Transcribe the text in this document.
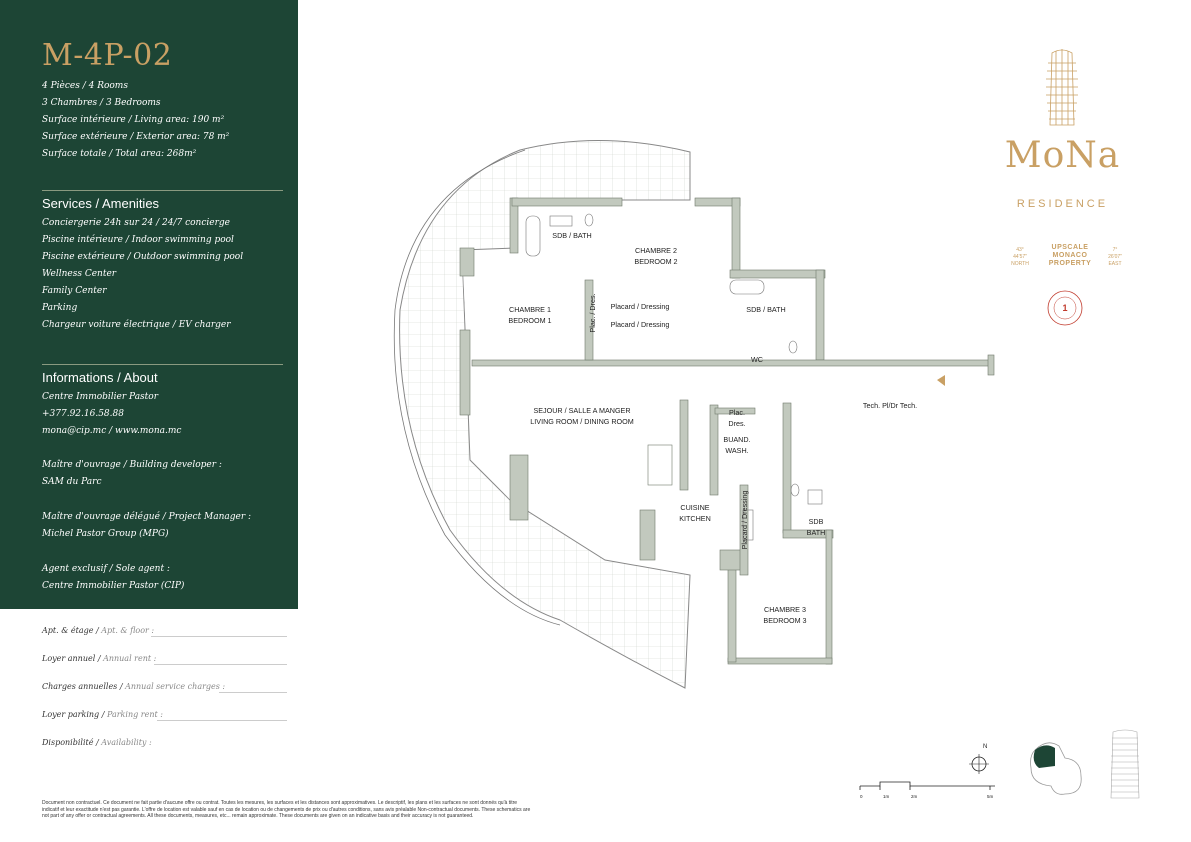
M-4P-02
4 Pièces / 4 Rooms
3 Chambres / 3 Bedrooms
Surface intérieure / Living area: 190 m²
Surface extérieure / Exterior area: 78 m²
Surface totale / Total area: 268m²
Services / Amenities
Conciergerie 24h sur 24 / 24/7 concierge
Piscine intérieure / Indoor swimming pool
Piscine extérieure / Outdoor swimming pool
Wellness Center
Family Center
Parking
Chargeur voiture électrique / EV charger
Informations / About
Centre Immobilier Pastor
+377.92.16.58.88
mona@cip.mc / www.mona.mc
Maître d'ouvrage / Building developer :
SAM du Parc
Maître d'ouvrage délégué / Project Manager :
Michel Pastor Group (MPG)
Agent exclusif / Sole agent :
Centre Immobilier Pastor (CIP)
Apt. & étage / Apt. & floor :
Loyer annuel / Annual rent :
Charges annuelles / Annual service charges :
Loyer parking / Parking rent :
Disponibilité / Availability :
Document non contractuel. Ce document ne fait partie d'aucune offre ou contrat. Toutes les mesures, les surfaces et les distances sont approximatives. Le descriptif, les plans et les surfaces ne sont donnés qu'à titre
indicatif et leur exactitude n'est pas garantie. L'offre de location est valable sauf en cas de location ou de changements de prix ou d'autres conditions, sans avis préalable Non-contractual documents. These schematics are
not part of any offer or contractual agreements. All these documents, measures, etc... remain approximate. These documents are given on an indicative basis and their accuracy is not guaranteed.
MoNa
RESIDENCE
43°
44'57"
NORTH
UPSCALE
MONACO
PROPERTY
7°
26'07"
EAST
1
SDB / BATH
CHAMBRE 2
BEDROOM 2
CHAMBRE 1
BEDROOM 1
Placard / Dressing
Placard / Dressing
Plac. / Dres.	SDB / BATH
WC
SEJOUR / SALLE A MANGER
LIVING ROOM / DINING ROOM
Plac.
Dres.
BUAND.
WASH.
Tech. Pl/Dr Tech.
CUISINE
KITCHEN	Placard / Dressing	SDB
BATH
CHAMBRE 3
BEDROOM 3
N
0	1m	2m	5m
